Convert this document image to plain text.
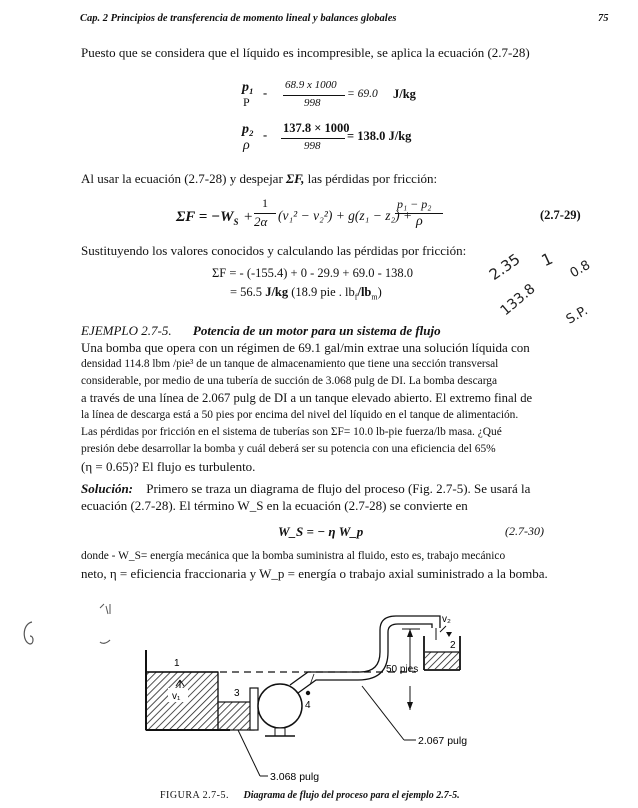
Cap. 2 Principios de transferencia de momento lineal y balances globales	75
Puesto que se considera que el líquido es incompresible, se aplica la ecuación (2.7-28)
p₁
P
-
68.9 x 1000
998
= 69.0 J/kg
p₂
ρ
- 137.8 × 1000
998
= 138.0 J/kg
Al usar la ecuación (2.7-28) y despejar ΣF, las pérdidas por fricción:
$\Sigma F = -W_S$ +
1
2α (v₁² − v₂²) + g(z₁ − z₂) +
p₁ − p₂
ρ	(2.7-29)
Sustituyendo los valores conocidos y calculando las pérdidas por fricción:
ΣF = - (-155.4) + 0 - 29.9 + 69.0 - 138.0
= 56.5 J/kg (18.9 pie . $lb_f/lb_m$)
2.35 1 0.8
133.8 S.P.
EJEMPLO 2.7-5. Potencia de un motor para un sistema de flujo
Una bomba que opera con un régimen de 69.1 gal/min extrae una solución líquida con
densidad 114.8 lbm /pie³ de un tanque de almacenamiento que tiene una sección transversal
considerable, por medio de una tubería de succión de 3.068 pulg de DI. La bomba descarga
a través de una línea de 2.067 pulg de DI a un tanque elevado abierto. El extremo final de
la línea de descarga está a 50 pies por encima del nivel del líquido en el tanque de alimentación.
Las pérdidas por fricción en el sistema de tuberías son ΣF= 10.0 lb-pie fuerza/lb masa. ¿Qué
presión debe desarrollar la bomba y cuál deberá ser su potencia con una eficiencia del 65%
(η = 0.65)? El flujo es turbulento.
Solución: Primero se traza un diagrama de flujo del proceso (Fig. 2.7-5). Se usará la
ecuación (2.7-28). El término W_S en la ecuación (2.7-28) se convierte en
W_S = − η W_p	(2.7-30)
donde - W_S= energía mecánica que la bomba suministra al fluido, esto es, trabajo mecánico
neto, η = eficiencia fraccionaria y W_p = energía o trabajo axial suministrado a la bomba.
v₂
2
50 pies
1
v₁	3
4
2.067 pulg
3.068 pulg
FIGURA 2.7-5. Diagrama de flujo del proceso para el ejemplo 2.7-5.
